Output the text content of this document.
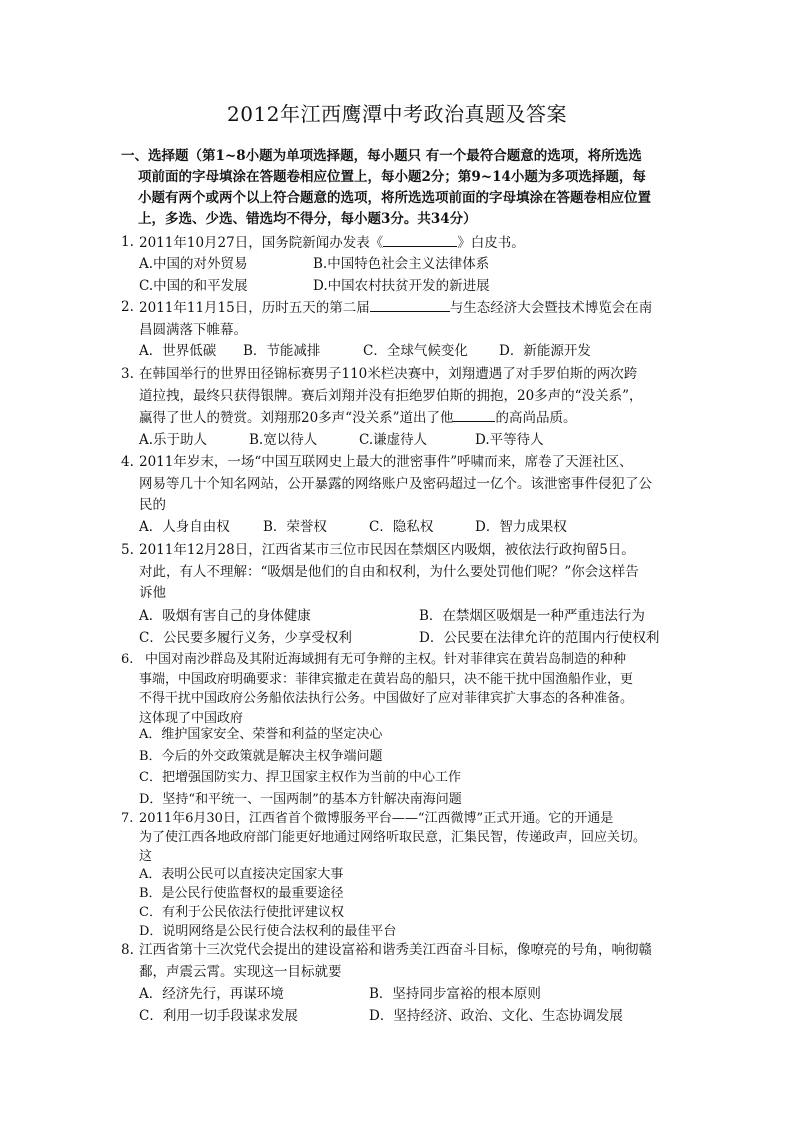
2012年江西鹰潭中考政治真题及答案
一、选择题（第1~8小题为单项选择题，每小题只 有一个最符合题意的选项，将所选选

项前面的字母填涂在答题卷相应位置上，每小题2分；第9~14小题为多项选择题，每
小题有两个或两个以上符合题意的选项，将所选选项前面的字母填涂在答题卷相应位置
上，多选、少选、错选均不得分，每小题3分。共34分）
1. 2011年10月27日，国务院新闻办发表《	》白皮书。
A.中国的对外贸易	B.中国特色社会主义法律体系
C.中国的和平发展	D.中国农村扶贫开发的新进展
2. 2011年11月15日，历时五天的第二届	与生态经济大会暨技术博览会在南
昌圆满落下帷幕。
A．世界低碳 B．节能减排	C．全球气候变化 D．新能源开发
3. 在韩国举行的世界田径锦标赛男子110米栏决赛中，刘翔遭遇了对手罗伯斯的两次跨
道拉拽，最终只获得银牌。赛后刘翔并没有拒绝罗伯斯的拥抱，20多声的“没关系”，
赢得了世人的赞赏。刘翔那20多声“没关系”道出了他	的高尚品质。
A.乐于助人	B.宽以待人	C.谦虚待人	D.平等待人
4. 2011年岁末，一场“中国互联网史上最大的泄密事件”呼啸而来，席卷了天涯社区、
网易等几十个知名网站，公开暴露的网络账户及密码超过一亿个。该泄密事件侵犯了公
民的
A．人身自由权 B．荣誉权	C．隐私权	D．智力成果权
5. 2011年12月28日，江西省某市三位市民因在禁烟区内吸烟，被依法行政拘留5日。
对此，有人不理解：“吸烟是他们的自由和权利，为什么要处罚他们呢？”你会这样告
诉他
A．吸烟有害自己的身体健康	B．在禁烟区吸烟是一种严重违法行为
C．公民要多履行义务，少享受权利	D．公民要在法律允许的范围内行使权利
6. 中国对南沙群岛及其附近海域拥有无可争辩的主权。针对菲律宾在黄岩岛制造的种种
事端，中国政府明确要求：菲律宾撤走在黄岩岛的船只，决不能干扰中国渔船作业，更
不得干扰中国政府公务船依法执行公务。中国做好了应对菲律宾扩大事态的各种准备。
这体现了中国政府
A．维护国家安全、荣誉和利益的坚定决心
B．今后的外交政策就是解决主权争端问题
C．把增强国防实力、捍卫国家主权作为当前的中心工作
D．坚持“和平统一、一国两制”的基本方针解决南海问题
7. 2011年6月30日，江西省首个微博服务平台——“江西微博”正式开通。它的开通是
为了使江西各地政府部门能更好地通过网络听取民意，汇集民智，传递政声，回应关切。
这
A．表明公民可以直接决定国家大事
B．是公民行使监督权的最重要途径
C．有利于公民依法行使批评建议权
D．说明网络是公民行使合法权利的最佳平台
8. 江西省第十三次党代会提出的建设富裕和谐秀美江西奋斗目标，像嘹亮的号角，响彻赣
鄱，声震云霄。实现这一目标就要
A．经济先行，再谋环境	B．坚持同步富裕的根本原则
C．利用一切手段谋求发展	D．坚持经济、政治、文化、生态协调发展
